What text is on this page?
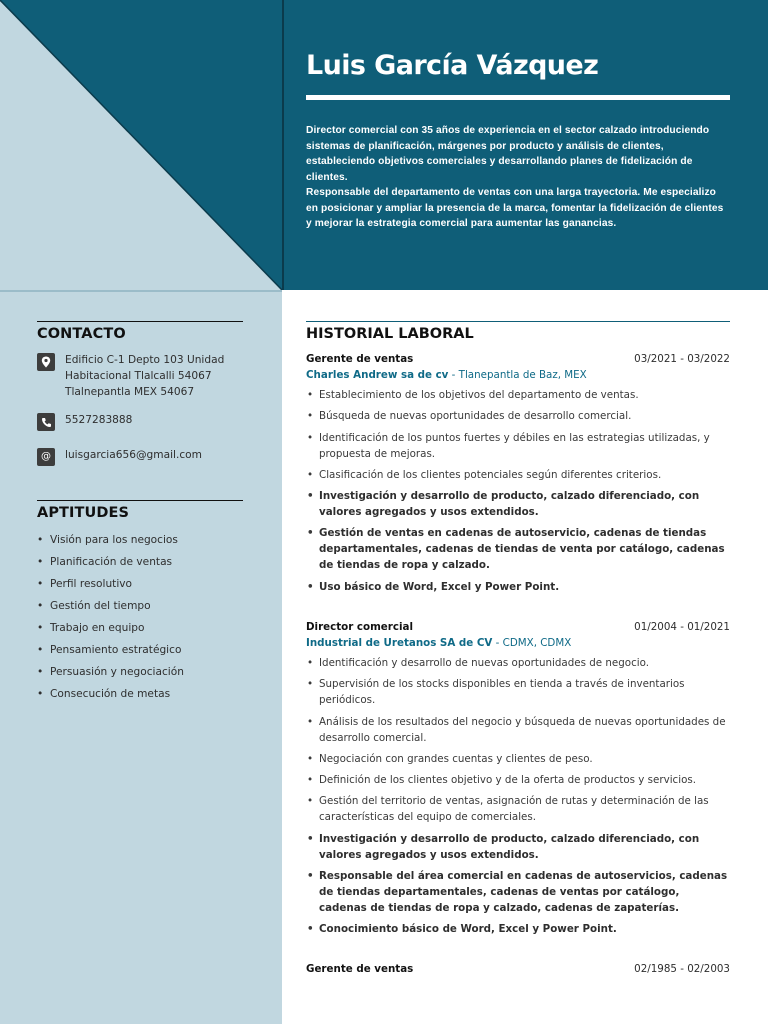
Luis García Vázquez

Director comercial con 35 años de experiencia en el sector calzado introduciendo sistemas de planificación, márgenes por producto y análisis de clientes, estableciendo objetivos comerciales y desarrollando planes de fidelización de clientes.

Responsable del departamento de ventas con una larga trayectoria. Me especializo en posicionar y ampliar la presencia de la marca, fomentar la fidelización de clientes y mejorar la estrategia comercial para aumentar las ganancias.

CONTACTO
Edificio C-1 Depto 103 Unidad
Habitacional Tlalcalli 54067
Tlalnepantla MEX 54067
5527283888
@ luisgarcia656@gmail.com
APTITUDES
• Visión para los negocios
• Planificación de ventas
• Perfil resolutivo
• Gestión del tiempo
• Trabajo en equipo
• Pensamiento estratégico
• Persuasión y negociación
• Consecución de metas
HISTORIAL LABORAL
Gerente de ventas	03/2021 - 03/2022
Charles Andrew sa de cv - Tlanepantla de Baz, MEX
• Establecimiento de los objetivos del departamento de ventas.
• Búsqueda de nuevas oportunidades de desarrollo comercial.
• Identificación de los puntos fuertes y débiles en las estrategias utilizadas, y propuesta de mejoras.
• Clasificación de los clientes potenciales según diferentes criterios.
• Investigación y desarrollo de producto, calzado diferenciado, con valores agregados y usos extendidos.
• Gestión de ventas en cadenas de autoservicio, cadenas de tiendas departamentales, cadenas de tiendas de venta por catálogo, cadenas de tiendas de ropa y calzado.
• Uso básico de Word, Excel y Power Point.
Director comercial	01/2004 - 01/2021
Industrial de Uretanos SA de CV - CDMX, CDMX
• Identificación y desarrollo de nuevas oportunidades de negocio.
• Supervisión de los stocks disponibles en tienda a través de inventarios periódicos.
• Análisis de los resultados del negocio y búsqueda de nuevas oportunidades de desarrollo comercial.
• Negociación con grandes cuentas y clientes de peso.
• Definición de los clientes objetivo y de la oferta de productos y servicios.
• Gestión del territorio de ventas, asignación de rutas y determinación de las características del equipo de comerciales.
• Investigación y desarrollo de producto, calzado diferenciado, con valores agregados y usos extendidos.
• Responsable del área comercial en cadenas de autoservicios, cadenas de tiendas departamentales, cadenas de ventas por catálogo, cadenas de tiendas de ropa y calzado, cadenas de zapaterías.
• Conocimiento básico de Word, Excel y Power Point.
Gerente de ventas	02/1985 - 02/2003
